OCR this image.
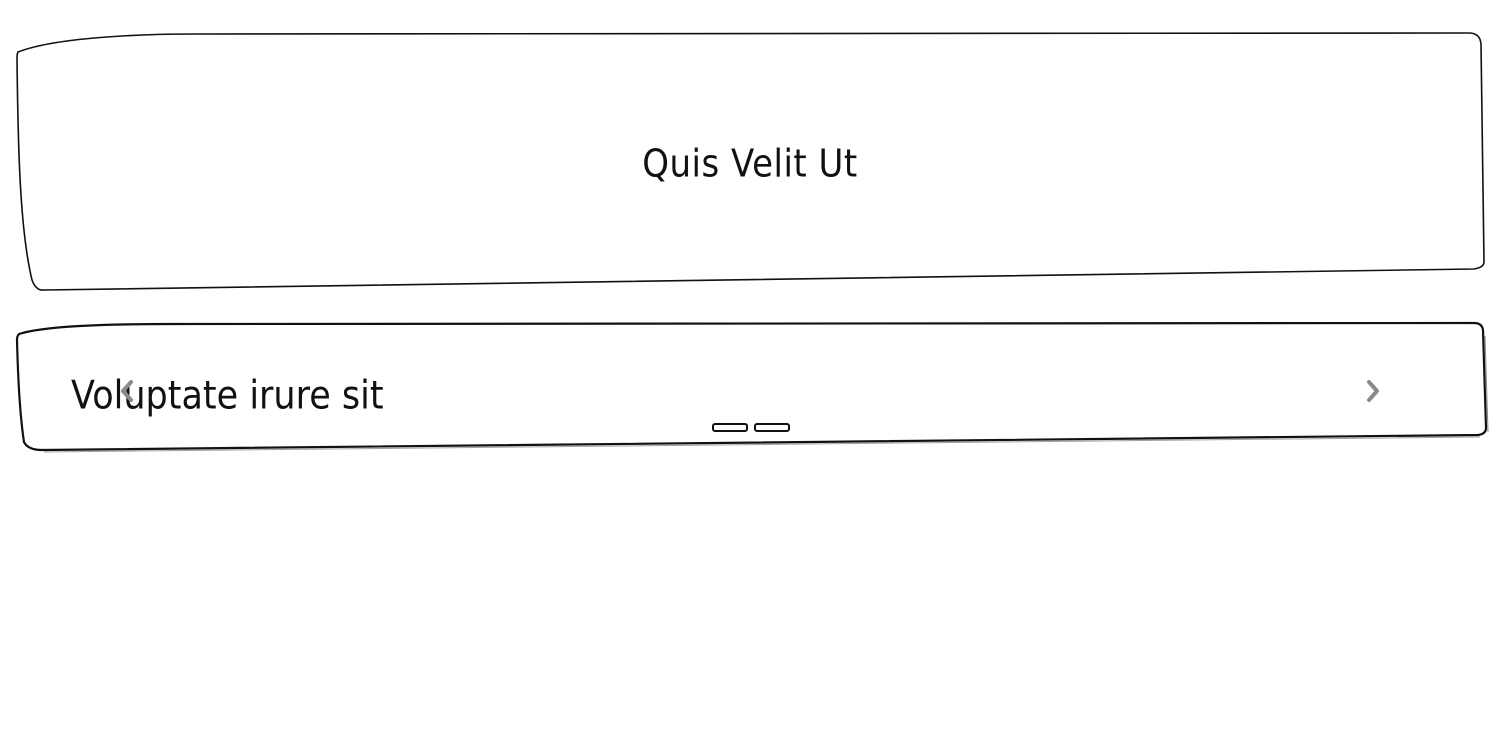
Quis Velit Ut
Voluptate irure sit
